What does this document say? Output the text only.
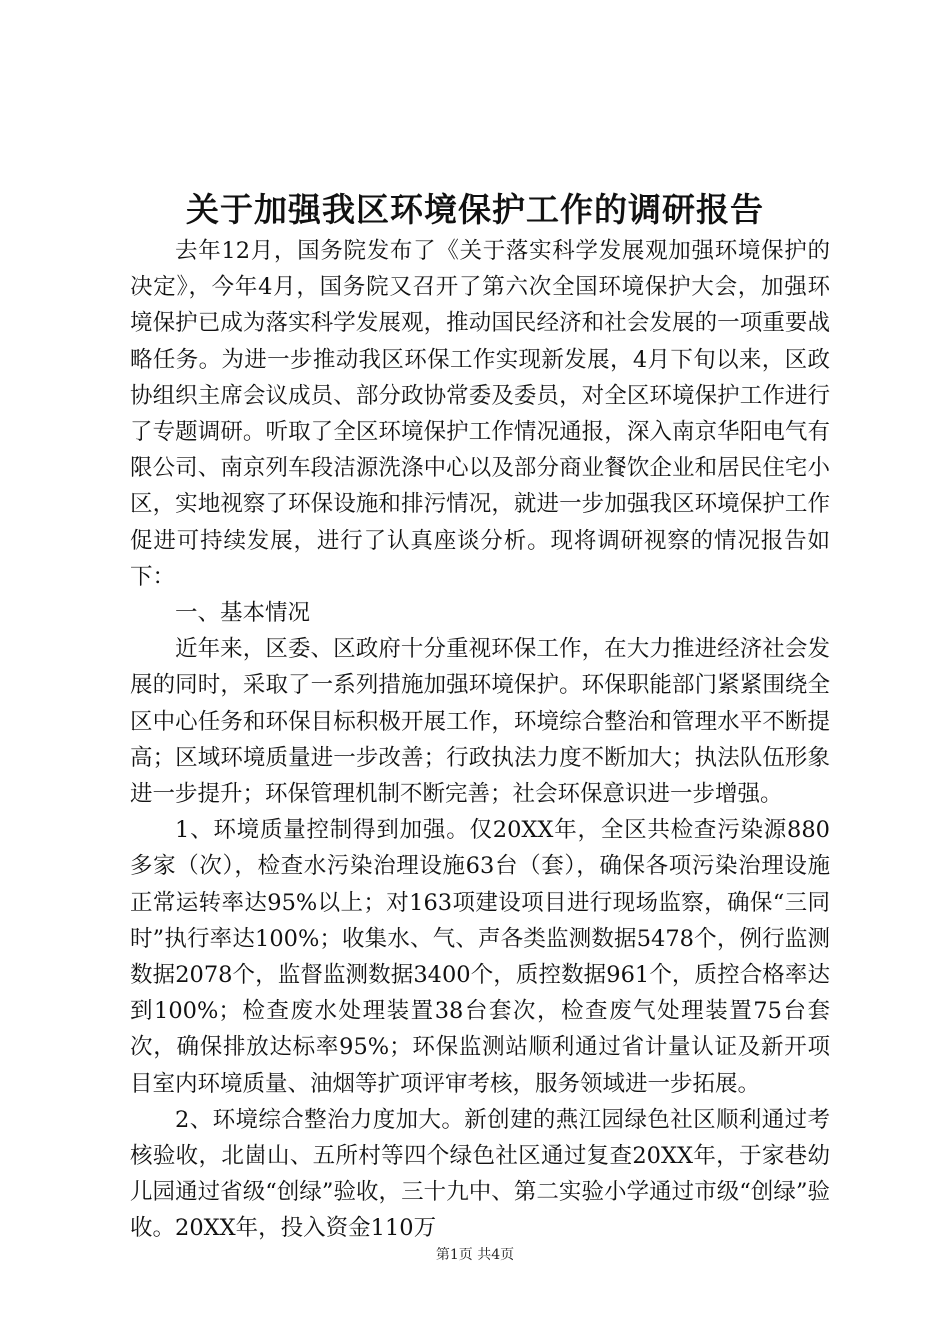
关于加强我区环境保护工作的调研报告

去年12月，国务院发布了《关于落实科学发展观加强环境保护的决定》，今年4月，国务院又召开了第六次全国环境保护大会，加强环境保护已成为落实科学发展观，推动国民经济和社会发展的一项重要战略任务。为进一步推动我区环保工作实现新发展，4月下旬以来，区政协组织主席会议成员、部分政协常委及委员，对全区环境保护工作进行了专题调研。听取了全区环境保护工作情况通报，深入南京华阳电气有限公司、南京列车段洁源洗涤中心以及部分商业餐饮企业和居民住宅小区，实地视察了环保设施和排污情况，就进一步加强我区环境保护工作促进可持续发展，进行了认真座谈分析。现将调研视察的情况报告如下：

一、基本情况

近年来，区委、区政府十分重视环保工作，在大力推进经济社会发展的同时，采取了一系列措施加强环境保护。环保职能部门紧紧围绕全区中心任务和环保目标积极开展工作，环境综合整治和管理水平不断提高；区域环境质量进一步改善；行政执法力度不断加大；执法队伍形象进一步提升；环保管理机制不断完善；社会环保意识进一步增强。

1、环境质量控制得到加强。仅20XX年，全区共检查污染源880多家（次），检查水污染治理设施63台（套），确保各项污染治理设施正常运转率达95%以上；对163项建设项目进行现场监察，确保“三同时”执行率达100%；收集水、气、声各类监测数据5478个，例行监测数据2078个，监督监测数据3400个，质控数据961个，质控合格率达到100%；检查废水处理装置38台套次，检查废气处理装置75台套次，确保排放达标率95%；环保监测站顺利通过省计量认证及新开项目室内环境质量、油烟等扩项评审考核，服务领域进一步拓展。

2、环境综合整治力度加大。新创建的燕江园绿色社区顺利通过考核验收，北崮山、五所村等四个绿色社区通过复查20XX年，于家巷幼儿园通过省级“创绿”验收，三十九中、第二实验小学通过市级“创绿”验收。20XX年，投入资金110万

第1页 共4页
